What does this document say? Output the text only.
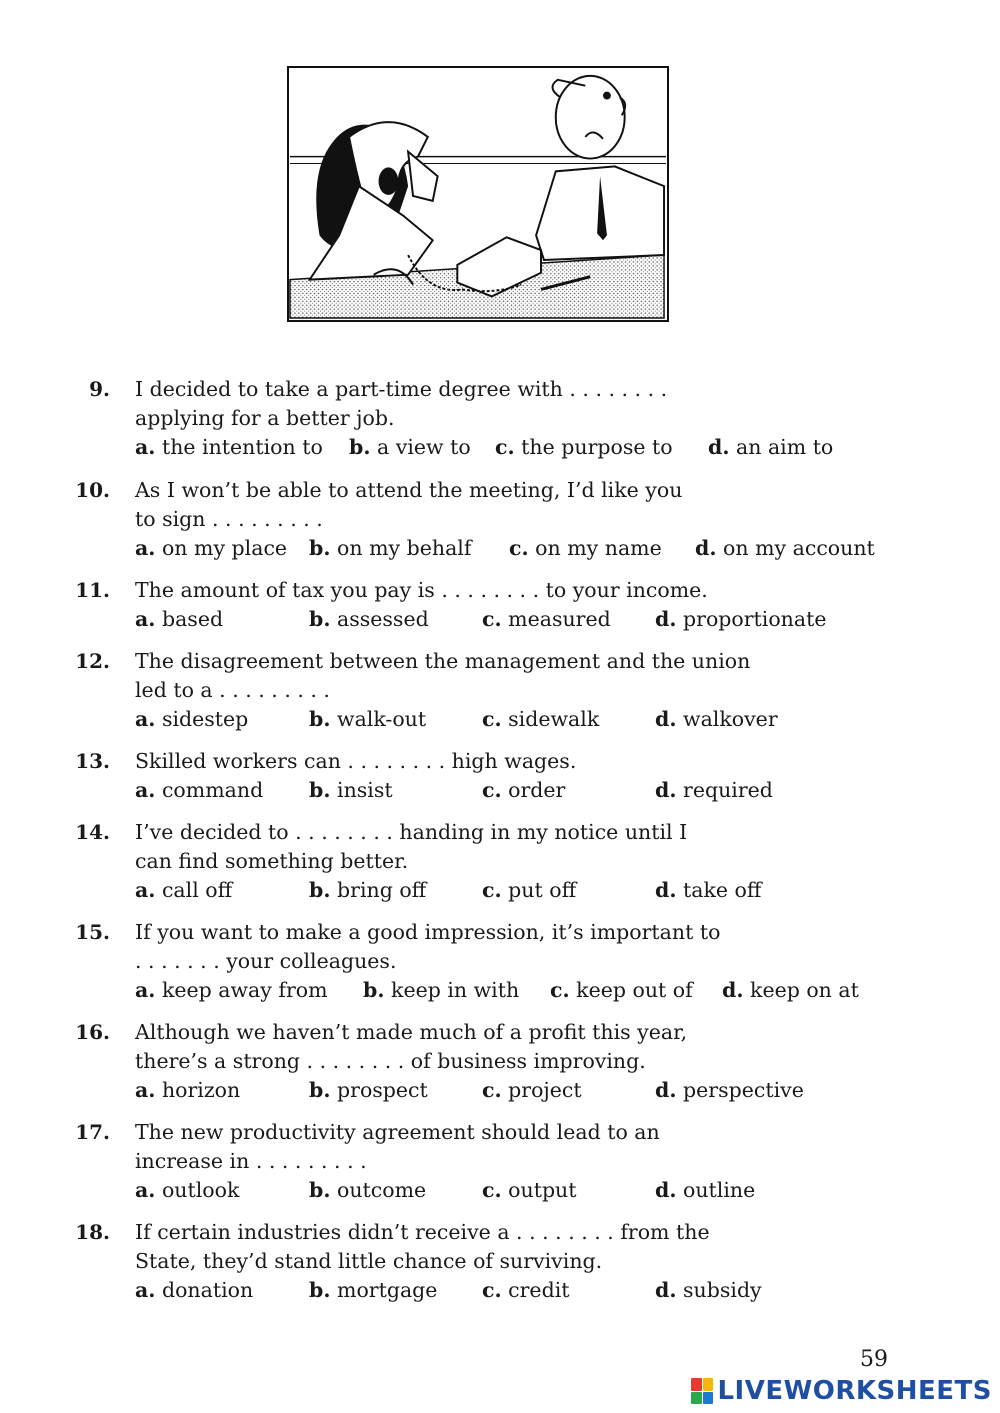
9. I decided to take a part-time degree with . . . . . . . .
applying for a better job.
a. the intention to b. a view to c. the purpose to d. an aim to
10. As I won’t be able to attend the meeting, I’d like you
to sign . . . . . . . . .
a. on my place b. on my behalf c. on my name d. on my account
11. The amount of tax you pay is . . . . . . . . to your income.
a. based	b. assessed	c. measured d. proportionate
12. The disagreement between the management and the union
led to a . . . . . . . . .
a. sidestep	b. walk-out	c. sidewalk	d. walkover
13. Skilled workers can . . . . . . . . high wages.
a. command b. insist	c. order	d. required
14. I’ve decided to . . . . . . . . handing in my notice until I
can find something better.
a. call off	b. bring off	c. put off	d. take off
15. If you want to make a good impression, it’s important to
. . . . . . . your colleagues.
a. keep away from b. keep in with c. keep out of d. keep on at
16. Although we haven’t made much of a profit this year,
there’s a strong . . . . . . . . of business improving.
a. horizon	b. prospect	c. project	d. perspective
17. The new productivity agreement should lead to an
increase in . . . . . . . . .
a. outlook	b. outcome	c. output	d. outline
18. If certain industries didn’t receive a . . . . . . . . from the
State, they’d stand little chance of surviving.
a. donation	b. mortgage c. credit	d. subsidy
59
LIVEWORKSHEETS
